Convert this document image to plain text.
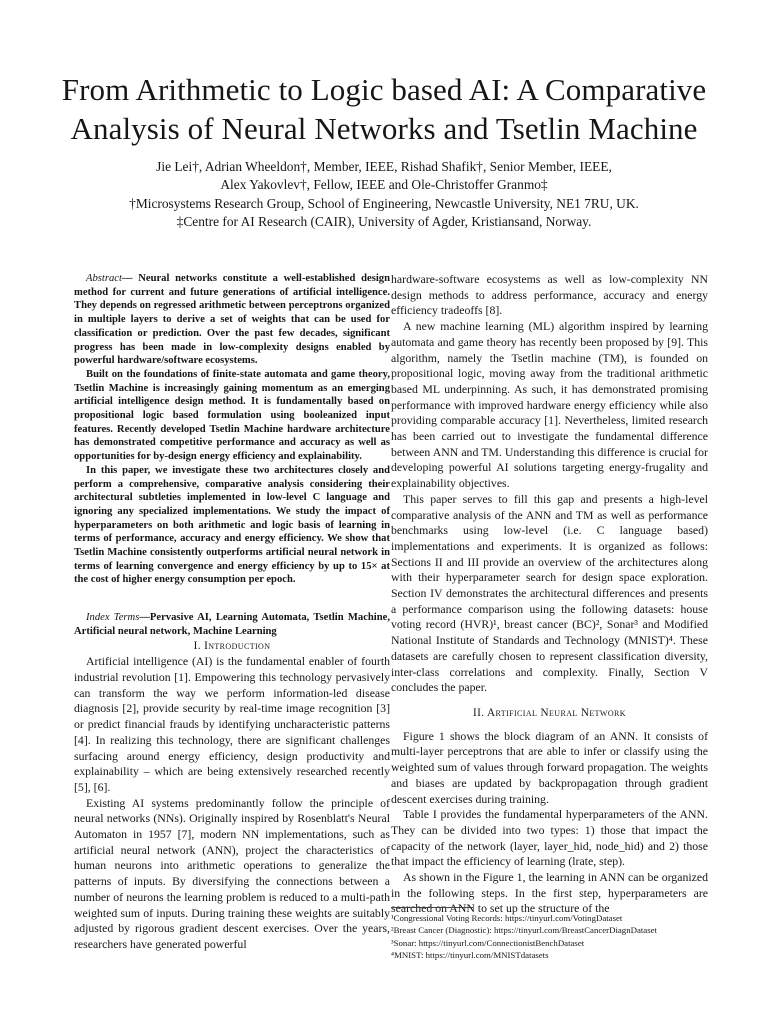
From Arithmetic to Logic based AI: A Comparative
Analysis of Neural Networks and Tsetlin Machine
Jie Lei†, Adrian Wheeldon†, Member, IEEE, Rishad Shafik†, Senior Member, IEEE,
Alex Yakovlev†, Fellow, IEEE and Ole-Christoffer Granmo‡
†Microsystems Research Group, School of Engineering, Newcastle University, NE1 7RU, UK.
‡Centre for AI Research (CAIR), University of Agder, Kristiansand, Norway.

Abstract— Neural networks constitute a well-established design method for current and future generations of artificial intelligence. They depends on regressed arithmetic between perceptrons organized in multiple layers to derive a set of weights that can be used for classification or prediction. Over the past few decades, significant progress has been made in low-complexity designs enabled by powerful hardware/software ecosystems.

Built on the foundations of finite-state automata and game theory, Tsetlin Machine is increasingly gaining momentum as an emerging artificial intelligence design method. It is fundamentally based on propositional logic based formulation using booleanized input features. Recently developed Tsetlin Machine hardware architecture has demonstrated competitive performance and accuracy as well as opportunities for by-design energy efficiency and explainability.

In this paper, we investigate these two architectures closely and perform a comprehensive, comparative analysis considering their architectural subtleties implemented in low-level C language and ignoring any specialized implementations. We study the impact of hyperparameters on both arithmetic and logic basis of learning in terms of performance, accuracy and energy efficiency. We show that Tsetlin Machine consistently outperforms artificial neural network in terms of learning convergence and energy efficiency by up to 15× at the cost of higher energy consumption per epoch.

Index Terms—Pervasive AI, Learning Automata, Tsetlin Machine, Artificial neural network, Machine Learning

I. Introduction

Artificial intelligence (AI) is the fundamental enabler of fourth industrial revolution [1]. Empowering this technology pervasively can transform the way we perform information-led disease diagnosis [2], provide security by real-time image recognition [3] or predict financial frauds by identifying uncharacteristic patterns [4]. In realizing this technology, there are significant challenges surfacing around energy efficiency, design productivity and explainability – which are being extensively researched recently [5], [6].

Existing AI systems predominantly follow the principle of neural networks (NNs). Originally inspired by Rosenblatt's Neural Automaton in 1957 [7], modern NN implementations, such as artificial neural network (ANN), project the characteristics of human neurons into arithmetic operations to generalize the patterns of inputs. By diversifying the connections between a number of neurons the learning problem is reduced to a multi-path weighted sum of inputs. During training these weights are suitably adjusted by rigorous gradient descent exercises. Over the years, researchers have generated powerful

hardware-software ecosystems as well as low-complexity NN design methods to address performance, accuracy and energy efficiency tradeoffs [8].

A new machine learning (ML) algorithm inspired by learning automata and game theory has recently been proposed by [9]. This algorithm, namely the Tsetlin machine (TM), is founded on propositional logic, moving away from the traditional arithmetic based ML underpinning. As such, it has demonstrated promising performance with improved hardware energy efficiency while also providing comparable accuracy [1]. Nevertheless, limited research has been carried out to investigate the fundamental difference between ANN and TM. Understanding this difference is crucial for developing powerful AI solutions targeting energy-frugality and explainability objectives.

This paper serves to fill this gap and presents a high-level comparative analysis of the ANN and TM as well as performance benchmarks using low-level (i.e. C language based) implementations and experiments. It is organized as follows: Sections II and III provide an overview of the architectures along with their hyperparameter search for design space exploration. Section IV demonstrates the architectural differences and presents a performance comparison using the following datasets: house voting record (HVR)¹, breast cancer (BC)², Sonar³ and Modified National Institute of Standards and Technology (MNIST)⁴. These datasets are carefully chosen to represent classification diversity, inter-class correlations and complexity. Finally, Section V concludes the paper.

II. Artificial Neural Network

Figure 1 shows the block diagram of an ANN. It consists of multi-layer perceptrons that are able to infer or classify using the weighted sum of values through forward propagation. The weights and biases are updated by backpropagation through gradient descent exercises during training.

Table I provides the fundamental hyperparameters of the ANN. They can be divided into two types: 1) those that impact the capacity of the network (layer, layer_hid, node_hid) and 2) those that impact the efficiency of learning (lrate, step).

As shown in the Figure 1, the learning in ANN can be organized in the following steps. In the first step, hyperparameters are searched on ANN to set up the structure of the

¹Congressional Voting Records: https://tinyurl.com/VotingDataset
²Breast Cancer (Diagnostic): https://tinyurl.com/BreastCancerDiagnDataset
³Sonar: https://tinyurl.com/ConnectionistBenchDataset
⁴MNIST: https://tinyurl.com/MNISTdatasets
